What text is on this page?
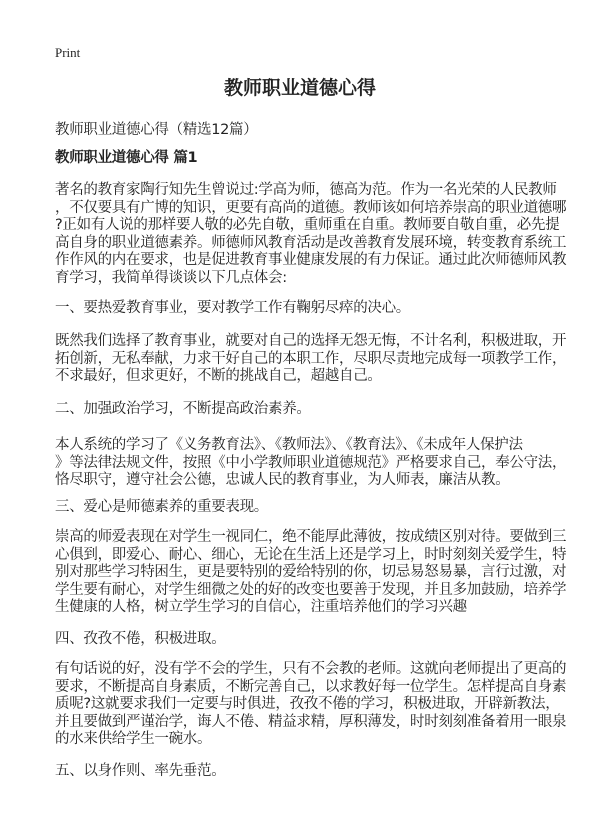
Print
教师职业道德心得
教师职业道德心得（精选12篇）
教师职业道德心得 篇1
著名的教育家陶行知先生曾说过:学高为师，德高为范。作为一名光荣的人民教师
，不仅要具有广博的知识，更要有高尚的道德。教师该如何培养崇高的职业道德哪
?正如有人说的那样要人敬的必先自敬，重师重在自重。教师要自敬自重，必先提
高自身的职业道德素养。师德师风教育活动是改善教育发展环境，转变教育系统工
作作风的内在要求，也是促进教育事业健康发展的有力保证。通过此次师德师风教
育学习，我简单得谈谈以下几点体会:
一、要热爱教育事业，要对教学工作有鞠躬尽瘁的决心。
既然我们选择了教育事业，就要对自己的选择无怨无悔，不计名利，积极进取，开
拓创新，无私奉献，力求干好自己的本职工作，尽职尽责地完成每一项教学工作，
不求最好，但求更好，不断的挑战自己，超越自己。
二、加强政治学习，不断提高政治素养。
本人系统的学习了《义务教育法》、《教师法》、《教育法》、《未成年人保护法
》等法律法规文件，按照《中小学教师职业道德规范》严格要求自己，奉公守法，
恪尽职守，遵守社会公德，忠诚人民的教育事业，为人师表，廉洁从教。
三、爱心是师德素养的重要表现。
崇高的师爱表现在对学生一视同仁，绝不能厚此薄彼，按成绩区别对待。要做到三
心俱到，即爱心、耐心、细心，无论在生活上还是学习上，时时刻刻关爱学生，特
别对那些学习特困生，更是要特别的爱给特别的你，切忌易怒易暴，言行过激，对
学生要有耐心，对学生细微之处的好的改变也要善于发现，并且多加鼓励，培养学
生健康的人格，树立学生学习的自信心，注重培养他们的学习兴趣
四、孜孜不倦，积极进取。
有句话说的好，没有学不会的学生，只有不会教的老师。这就向老师提出了更高的
要求，不断提高自身素质，不断完善自己，以求教好每一位学生。怎样提高自身素
质呢?这就要求我们一定要与时俱进，孜孜不倦的学习，积极进取，开辟新教法，
并且要做到严谨治学，诲人不倦、精益求精，厚积薄发，时时刻刻准备着用一眼泉
的水来供给学生一碗水。
五、以身作则、率先垂范。
